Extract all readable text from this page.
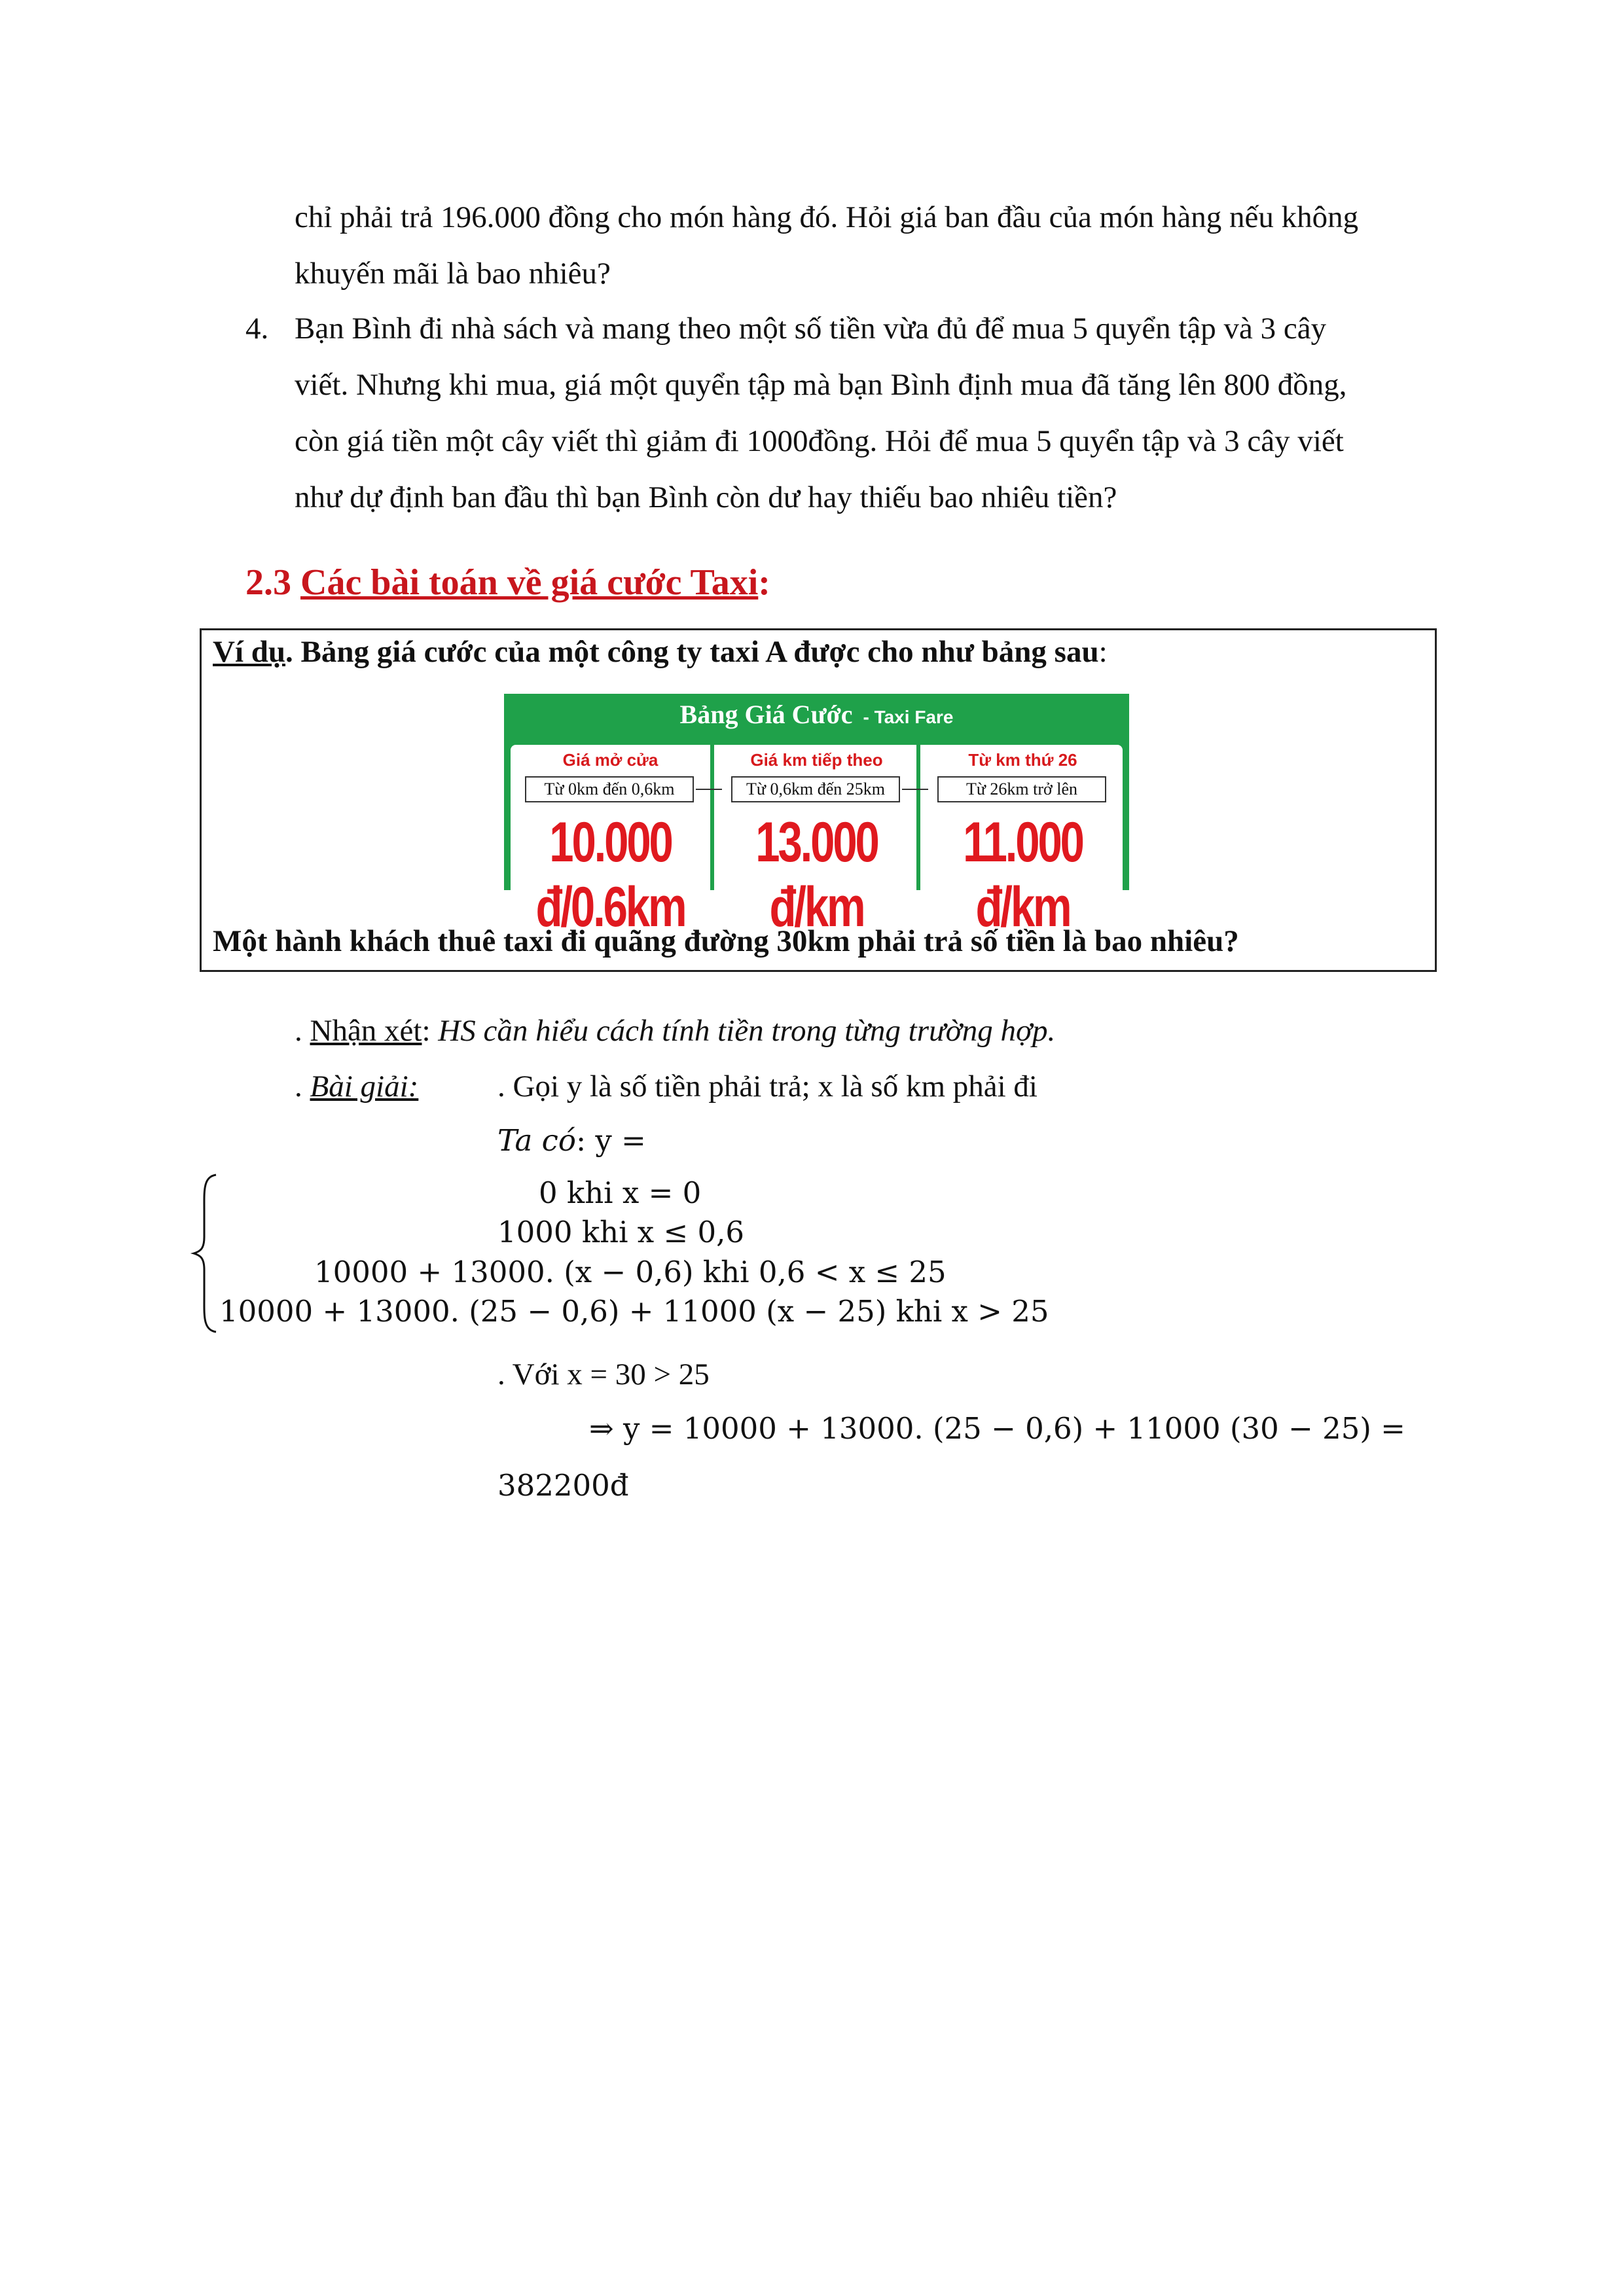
chỉ phải trả 196.000 đồng cho món hàng đó. Hỏi giá ban đầu của món hàng nếu không
khuyến mãi là bao nhiêu?
4. Bạn Bình đi nhà sách và mang theo một số tiền vừa đủ để mua 5 quyển tập và 3 cây
viết. Nhưng khi mua, giá một quyển tập mà bạn Bình định mua đã tăng lên 800 đồng,
còn giá tiền một cây viết thì giảm đi 1000đồng. Hỏi để mua 5 quyển tập và 3 cây viết
như dự định ban đầu thì bạn Bình còn dư hay thiếu bao nhiêu tiền?
2.3 Các bài toán về giá cước Taxi:
Ví dụ. Bảng giá cước của một công ty taxi A được cho như bảng sau:
Bảng Giá Cước - Taxi Fare
Giá mở cửa
Từ 0km đến 0,6km
10.000 đ/0.6km
Giá km tiếp theo
Từ 0,6km đến 25km
13.000 đ/km
Từ km thứ 26
Từ 26km trở lên
11.000 đ/km
Một hành khách thuê taxi đi quãng đường 30km phải trả số tiền là bao nhiêu?
. Nhận xét: HS cần hiểu cách tính tiền trong từng trường hợp.
. Bài giải:	. Gọi y là số tiền phải trả; x là số km phải đi
Ta có: y =
0 khi x = 0
1000 khi x ≤ 0,6
10000 + 13000. (x − 0,6) khi 0,6 < x ≤ 25
10000 + 13000. (25 − 0,6) + 11000 (x − 25) khi x > 25
. Với x = 30 > 25
⇒ y = 10000 + 13000. (25 − 0,6) + 11000 (30 − 25) =
382200đ
